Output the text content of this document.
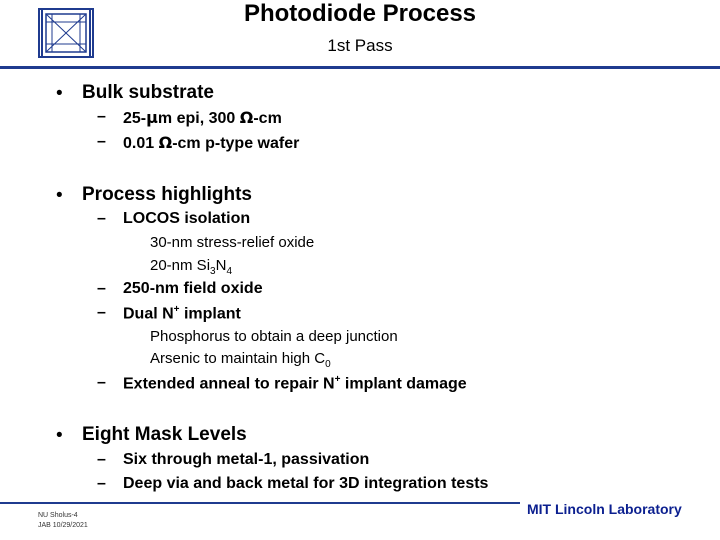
Photodiode Process
1st Pass
• Bulk substrate
– 25-μm epi, 300 Ω-cm
– 0.01 Ω-cm p-type wafer
• Process highlights
– LOCOS isolation
30-nm stress-relief oxide
20-nm $Si_3N_4$
– 250-nm field oxide
– Dual N+ implant
Phosphorus to obtain a deep junction
Arsenic to maintain high $C_0$
– Extended anneal to repair N+ implant damage
• Eight Mask Levels
– Six through metal-1, passivation
– Deep via and back metal for 3D integration tests
NU Sholus-4
JAB 10/29/2021
MIT Lincoln Laboratory
